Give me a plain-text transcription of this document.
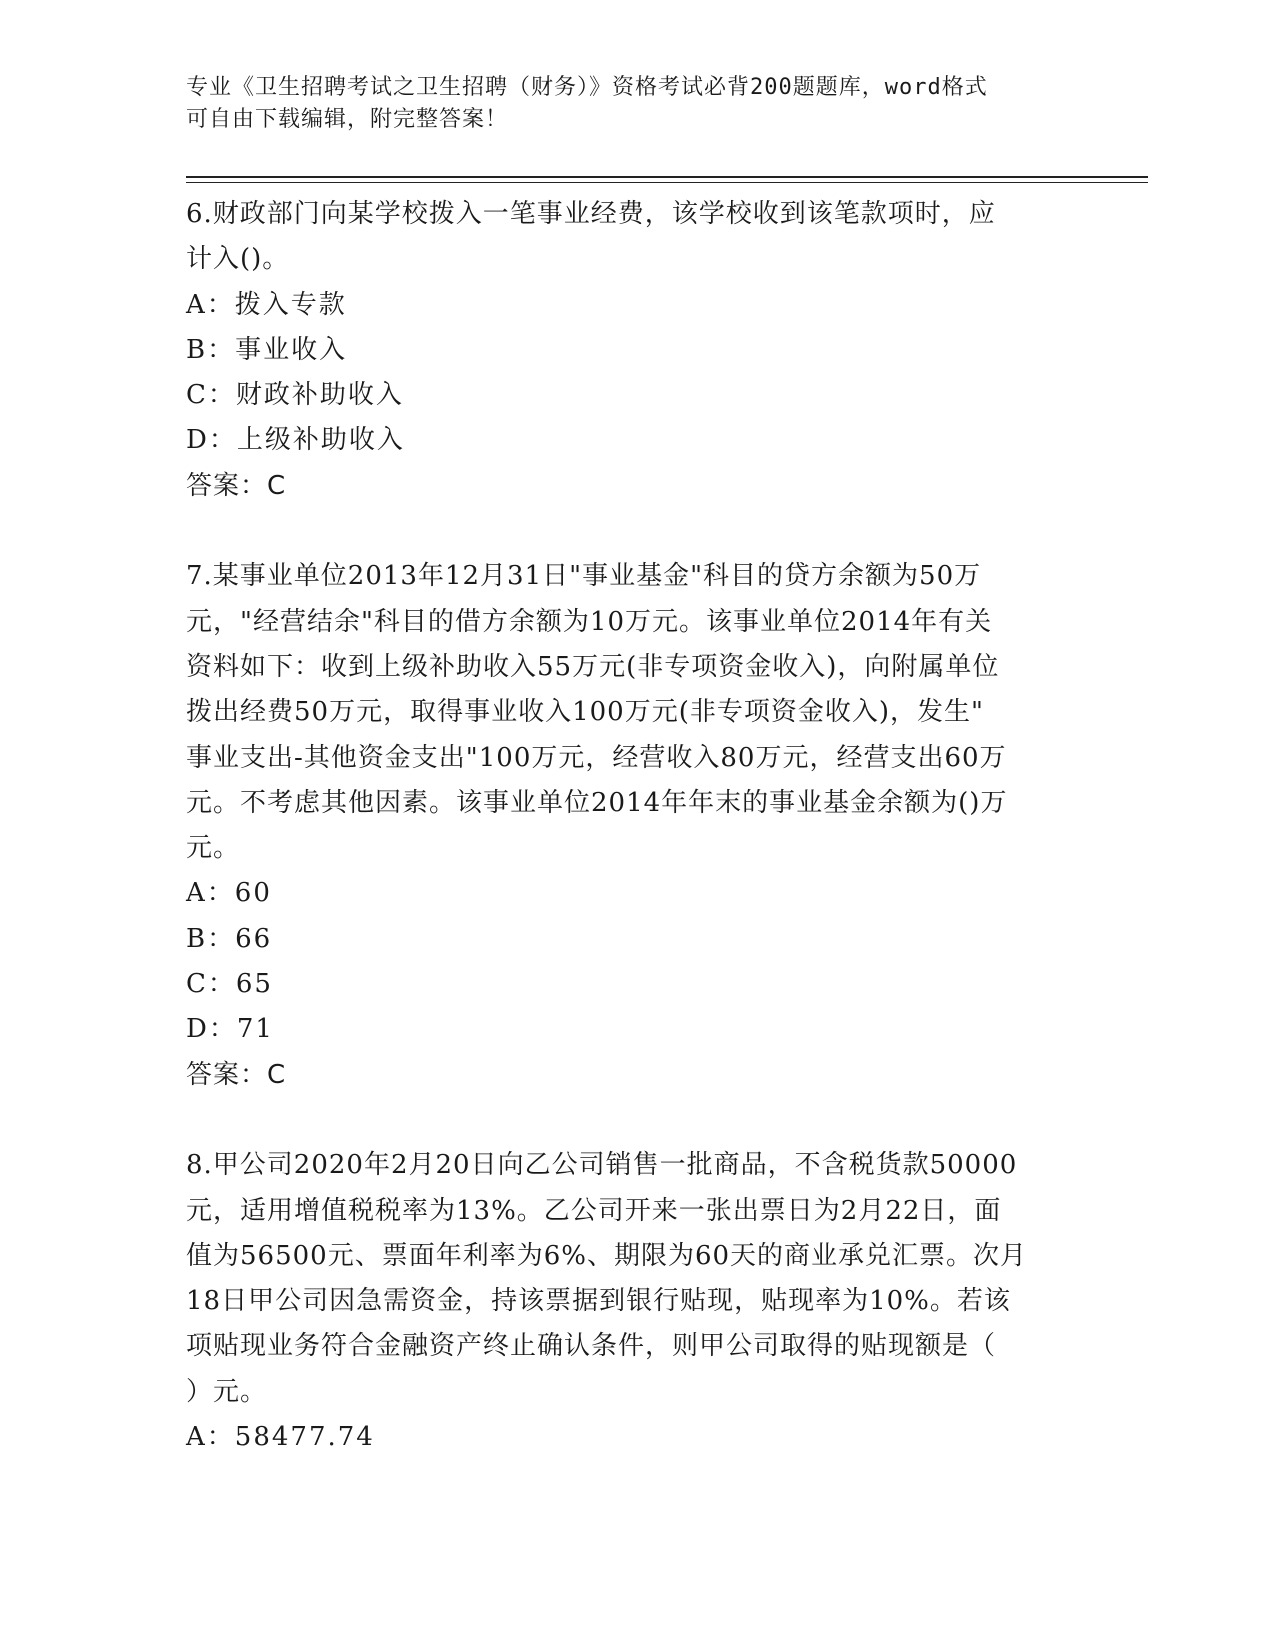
专业《卫生招聘考试之卫生招聘（财务）》资格考试必背200题题库，word格式
可自由下载编辑，附完整答案！
6.财政部门向某学校拨入一笔事业经费，该学校收到该笔款项时，应
计入()。
A：拨入专款
B：事业收入
C：财政补助收入
D：上级补助收入
答案：C
7.某事业单位2013年12月31日"事业基金"科目的贷方余额为50万
元，"经营结余"科目的借方余额为10万元。该事业单位2014年有关
资料如下：收到上级补助收入55万元(非专项资金收入)，向附属单位
拨出经费50万元，取得事业收入100万元(非专项资金收入)，发生"
事业支出-其他资金支出"100万元，经营收入80万元，经营支出60万
元。不考虑其他因素。该事业单位2014年年末的事业基金余额为()万
元。
A：60
B：66
C：65
D：71
答案：C
8.甲公司2020年2月20日向乙公司销售一批商品，不含税货款50000
元，适用增值税税率为13%。乙公司开来一张出票日为2月22日，面
值为56500元、票面年利率为6%、期限为60天的商业承兑汇票。次月
18日甲公司因急需资金，持该票据到银行贴现，贴现率为10%。若该
项贴现业务符合金融资产终止确认条件，则甲公司取得的贴现额是（
）元。
A：58477.74
